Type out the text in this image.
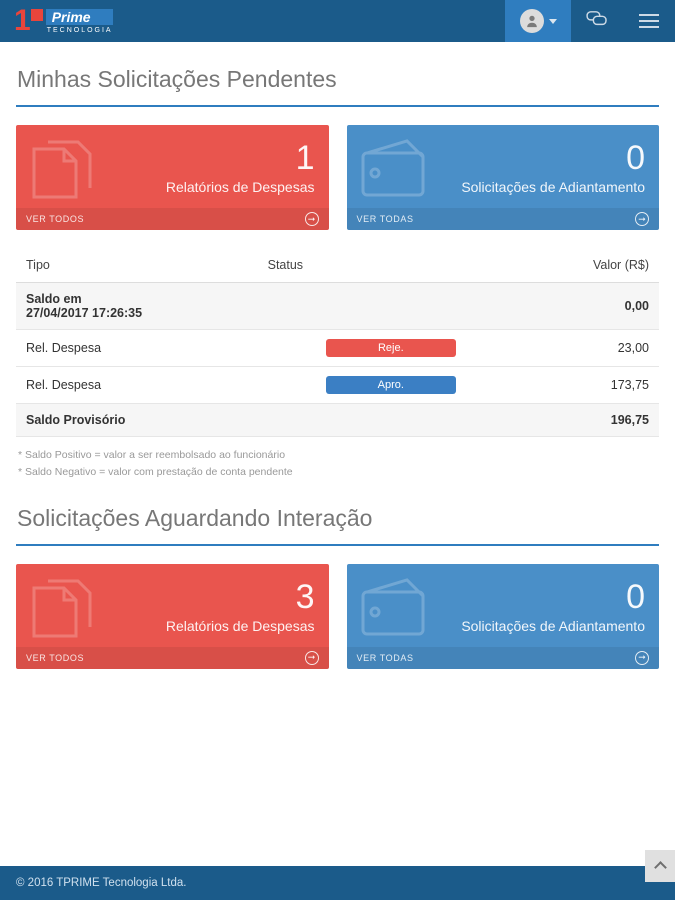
1	Prime
TECNOLOGIA
Minhas Solicitações Pendentes
1
Relatórios de Despesas
VER TODOS	➞
0
Solicitações de Adiantamento
VER TODAS	➞
Tipo	Status	Valor (R$)

Saldo em
27/04/2017 17:26:35		0,00
Rel. Despesa	Reje.	23,00
Rel. Despesa	Apro.	173,75
Saldo Provisório		196,75
* Saldo Positivo = valor a ser reembolsado ao funcionário
* Saldo Negativo = valor com prestação de conta pendente
Solicitações Aguardando Interação
3
Relatórios de Despesas
VER TODOS	➞
0
Solicitações de Adiantamento
VER TODAS	➞
© 2016 TPRIME Tecnologia Ltda.
